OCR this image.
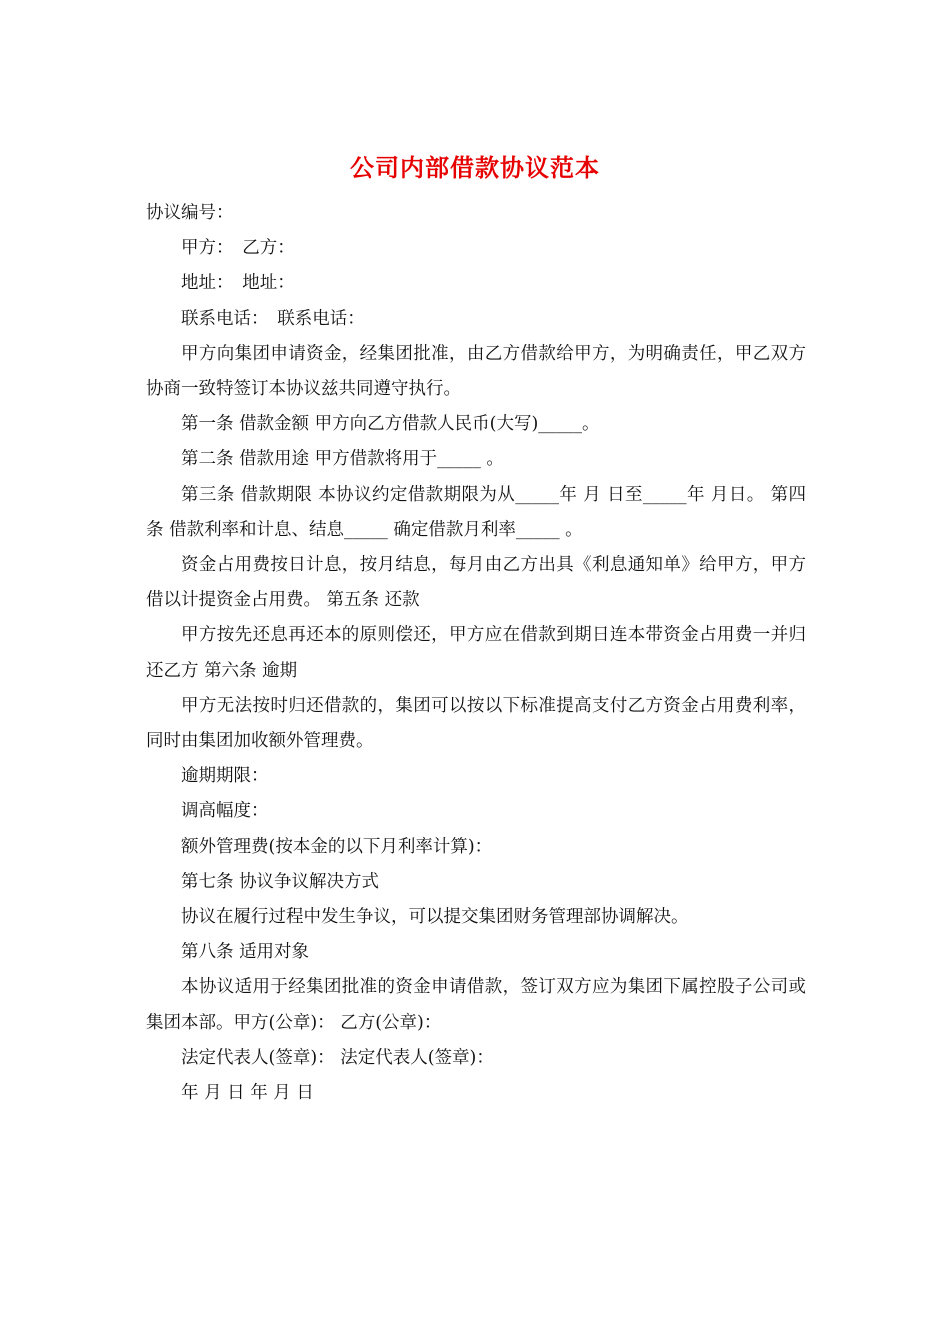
公司内部借款协议范本

协议编号：

甲方：　乙方：

地址：　地址：

联系电话：　联系电话：

甲方向集团申请资金，经集团批准，由乙方借款给甲方，为明确责任，甲乙双方协商一致特签订本协议兹共同遵守执行。

第一条 借款金额 甲方向乙方借款人民币(大写)_____。

第二条 借款用途 甲方借款将用于_____ 。

第三条 借款期限 本协议约定借款期限为从_____年 月 日至_____年 月日。 第四条 借款利率和计息、结息_____ 确定借款月利率_____ 。

资金占用费按日计息，按月结息，每月由乙方出具《利息通知单》给甲方，甲方借以计提资金占用费。 第五条 还款

甲方按先还息再还本的原则偿还，甲方应在借款到期日连本带资金占用费一并归还乙方 第六条 逾期

甲方无法按时归还借款的，集团可以按以下标准提高支付乙方资金占用费利率，同时由集团加收额外管理费。

逾期期限：

调高幅度：

额外管理费(按本金的以下月利率计算)：

第七条 协议争议解决方式

协议在履行过程中发生争议，可以提交集团财务管理部协调解决。

第八条 适用对象

本协议适用于经集团批准的资金申请借款，签订双方应为集团下属控股子公司或集团本部。甲方(公章)： 乙方(公章)：

法定代表人(签章)： 法定代表人(签章)：

年 月 日 年 月 日
